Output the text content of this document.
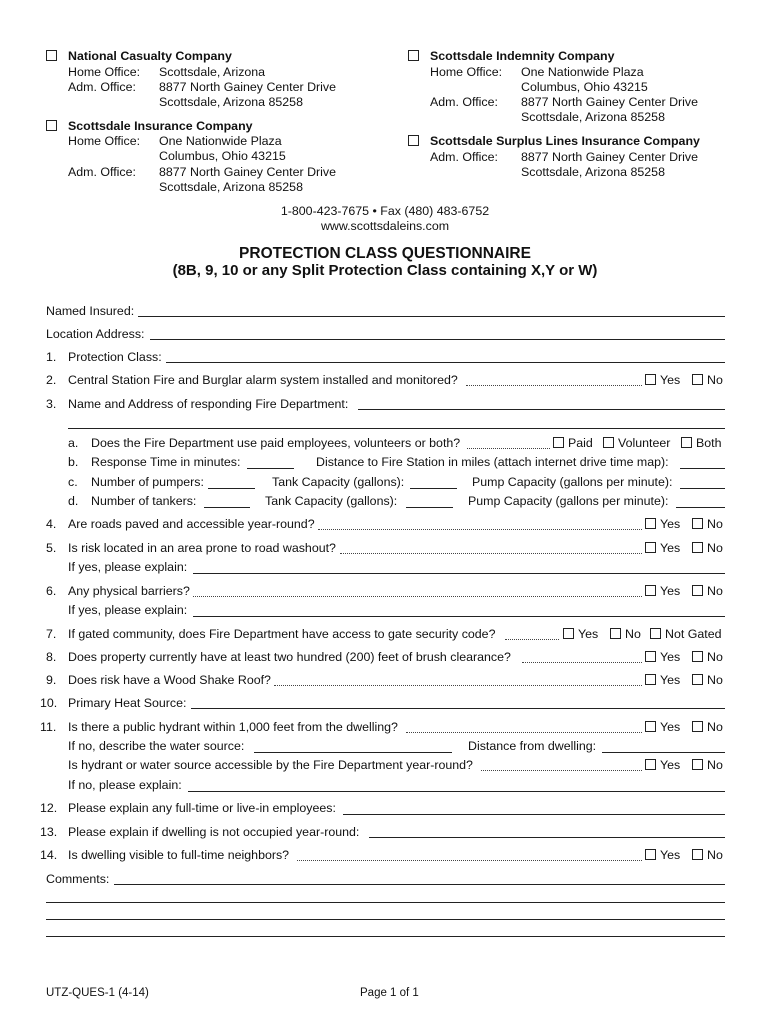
National Casualty Company
Home Office: Scottsdale, Arizona
Adm. Office: 8877 North Gainey Center Drive
Scottsdale, Arizona 85258
Scottsdale Insurance Company
Home Office: One Nationwide Plaza
Columbus, Ohio 43215
Adm. Office: 8877 North Gainey Center Drive
Scottsdale, Arizona 85258
Scottsdale Indemnity Company
Home Office: One Nationwide Plaza
Columbus, Ohio 43215
Adm. Office: 8877 North Gainey Center Drive
Scottsdale, Arizona 85258
Scottsdale Surplus Lines Insurance Company
Adm. Office: 8877 North Gainey Center Drive
Scottsdale, Arizona 85258
1-800-423-7675 • Fax (480) 483-6752
www.scottsdaleins.com
PROTECTION CLASS QUESTIONNAIRE
(8B, 9, 10 or any Split Protection Class containing X,Y or W)
Named Insured:
Location Address:
1. Protection Class:
2. Central Station Fire and Burglar alarm system installed and monitored?	Yes	No
3. Name and Address of responding Fire Department:
a. Does the Fire Department use paid employees, volunteers or both?	Paid	Volunteer	Both
b. Response Time in minutes:	Distance to Fire Station in miles (attach internet drive time map):
c. Number of pumpers:	Tank Capacity (gallons):	Pump Capacity (gallons per minute):
d. Number of tankers:	Tank Capacity (gallons):	Pump Capacity (gallons per minute):
4. Are roads paved and accessible year-round?	Yes	No
5. Is risk located in an area prone to road washout?	Yes	No
If yes, please explain:
6. Any physical barriers?	Yes	No
If yes, please explain:
7. If gated community, does Fire Department have access to gate security code?	Yes	No	Not Gated
8. Does property currently have at least two hundred (200) feet of brush clearance?	Yes	No
9. Does risk have a Wood Shake Roof?	Yes	No
10. Primary Heat Source:
11. Is there a public hydrant within 1,000 feet from the dwelling?	Yes	No
If no, describe the water source:	Distance from dwelling:
Is hydrant or water source accessible by the Fire Department year-round?	Yes	No
If no, please explain:
12. Please explain any full-time or live-in employees:
13. Please explain if dwelling is not occupied year-round:
14. Is dwelling visible to full-time neighbors?	Yes	No
Comments:
UTZ-QUES-1 (4-14)	Page 1 of 1
